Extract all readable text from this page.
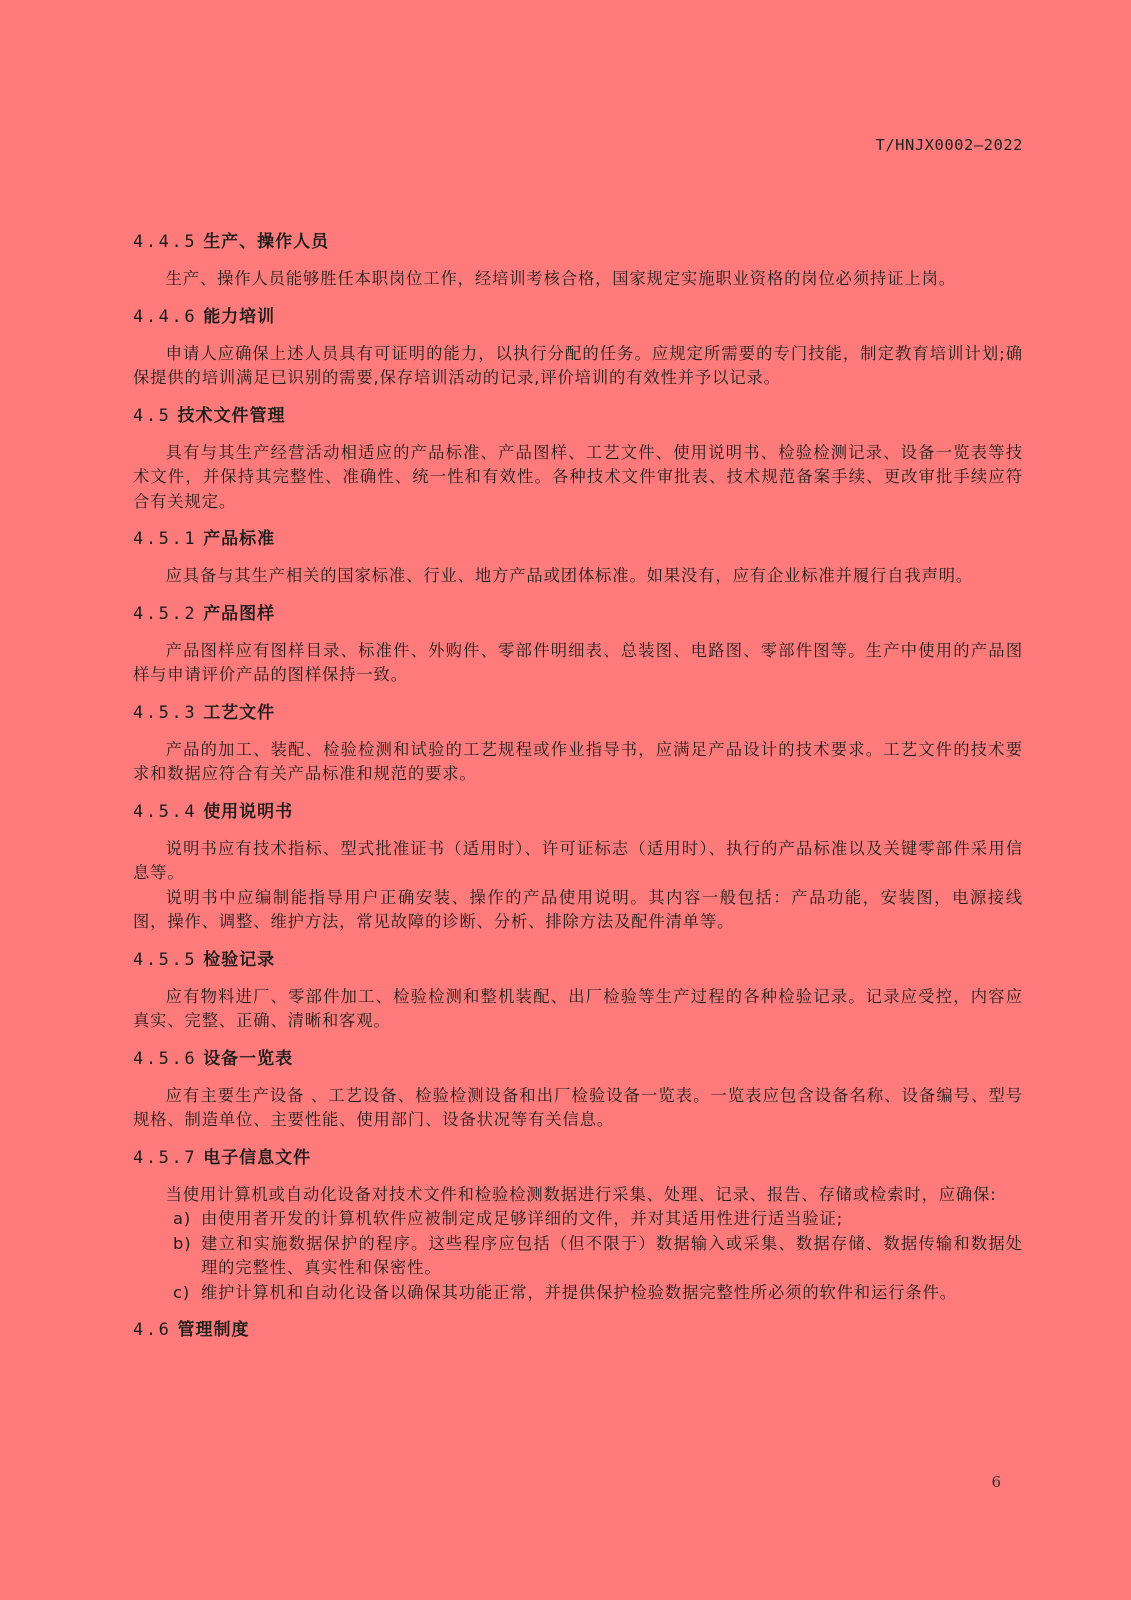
T/HNJX0002—2022
4.4.5 生产、操作人员

生产、操作人员能够胜任本职岗位工作，经培训考核合格，国家规定实施职业资格的岗位必须持证上岗。

4.4.6 能力培训

申请人应确保上述人员具有可证明的能力，以执行分配的任务。应规定所需要的专门技能，制定教育培训计划;确保提供的培训满足已识别的需要,保存培训活动的记录,评价培训的有效性并予以记录。

4.5 技术文件管理

具有与其生产经营活动相适应的产品标准、产品图样、工艺文件、使用说明书、检验检测记录、设备一览表等技术文件，并保持其完整性、准确性、统一性和有效性。各种技术文件审批表、技术规范备案手续、更改审批手续应符合有关规定。

4.5.1 产品标准

应具备与其生产相关的国家标准、行业、地方产品或团体标准。如果没有，应有企业标准并履行自我声明。

4.5.2 产品图样

产品图样应有图样目录、标准件、外购件、零部件明细表、总装图、电路图、零部件图等。生产中使用的产品图样与申请评价产品的图样保持一致。

4.5.3 工艺文件

产品的加工、装配、检验检测和试验的工艺规程或作业指导书，应满足产品设计的技术要求。工艺文件的技术要求和数据应符合有关产品标准和规范的要求。

4.5.4 使用说明书

说明书应有技术指标、型式批准证书（适用时）、许可证标志（适用时）、执行的产品标准以及关键零部件采用信息等。

说明书中应编制能指导用户正确安装、操作的产品使用说明。其内容一般包括：产品功能，安装图，电源接线图，操作、调整、维护方法，常见故障的诊断、分析、排除方法及配件清单等。

4.5.5 检验记录

应有物料进厂、零部件加工、检验检测和整机装配、出厂检验等生产过程的各种检验记录。记录应受控，内容应真实、完整、正确、清晰和客观。

4.5.6 设备一览表

应有主要生产设备 、工艺设备、检验检测设备和出厂检验设备一览表。一览表应包含设备名称、设备编号、型号规格、制造单位、主要性能、使用部门、设备状况等有关信息。

4.5.7 电子信息文件

当使用计算机或自动化设备对技术文件和检验检测数据进行采集、处理、记录、报告、存储或检索时，应确保:

a) 由使用者开发的计算机软件应被制定成足够详细的文件，并对其适用性进行适当验证;

b) 建立和实施数据保护的程序。这些程序应包括（但不限于）数据输入或采集、数据存储、数据传输和数据处理的完整性、真实性和保密性。

c) 维护计算机和自动化设备以确保其功能正常，并提供保护检验数据完整性所必须的软件和运行条件。

4.6 管理制度
6
